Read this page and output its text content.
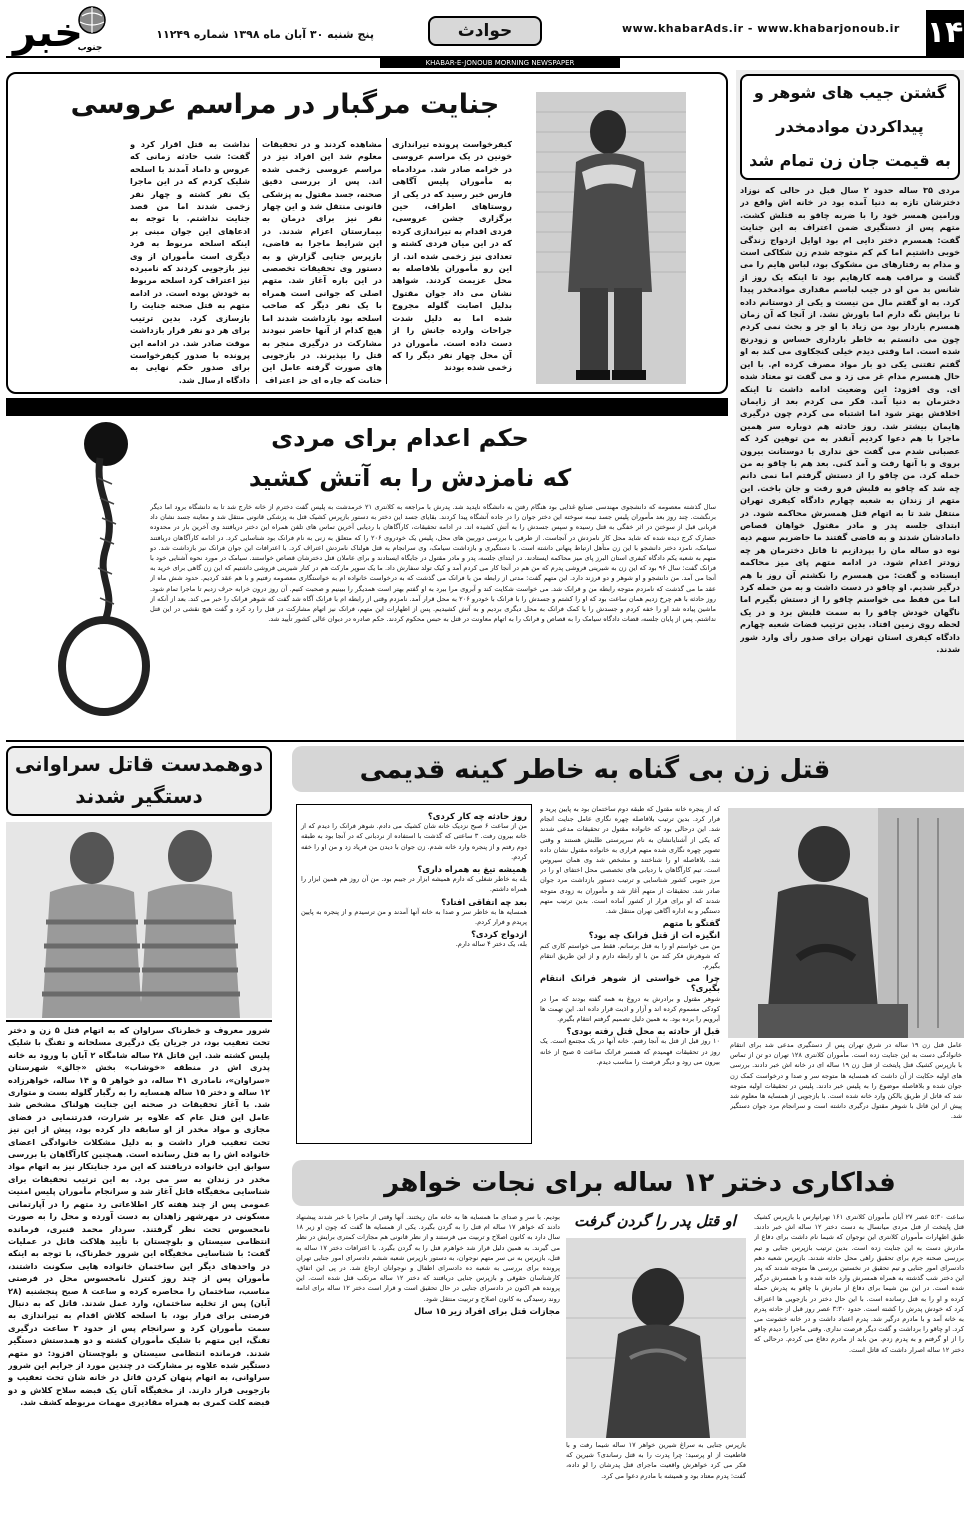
۱۴
www.khabarAds.ir - www.khabarjonoub.ir
حوادث
پنج شنبه ۳۰ آبان ماه ۱۳۹۸ شماره ۱۱۲۴۹
خبر
جنوب
KHABAR-E-JONOUB MORNING NEWSPAPER
گشتن جیب های شوهر و
پیداکردن موادمخدر
به قیمت جان زن تمام شد
مردی ۳۵ ساله حدود ۲ سال قبل در حالی که نوزاد دخترشان تازه به دنیا آمده بود در خانه اش واقع در ورامین همسر خود را با ضربه چاقو به قتلش کشت. متهم پس از دستگیری ضمن اعتراف به این جنایت گفت: همسرم دختر دایی ام بود اوایل ازدواج زندگی خوبی داشتیم اما کم کم متوجه شدم زن شکاکی است و مدام به رفتارهای من مشکوک بود، لباس هایم را می گشت و مراقب همه کارهایم بود تا اینکه یک روز از شانس بد من او در جیب لباسم مقداری موادمخدر پیدا کرد. به او گفتم مال من نیست و یکی از دوستانم داده تا برایش نگه دارم اما باورش نشد. از آنجا که آن زمان همسرم باردار بود من زیاد با او جر و بحث نمی کردم چون می دانستم به خاطر بارداری حساس و زودرنج شده است. اما وقتی دیدم خیلی کنجکاوی می کند به او گفتم تفتنی یکی دو بار مواد مصرف کرده ام. با این حال همسرم مدام غر می زد و می گفت تو معتاد شده ای. وی افزود: این وضعیت ادامه داشت تا اینکه دخترمان به دنیا آمد. فکر می کردم بعد از زایمان اخلاقش بهتر شود اما اشتباه می کردم چون درگیری هایمان بیشتر شد. روز حادثه هم دوباره سر همین ماجرا با هم دعوا کردیم آنقدر به من توهین کرد که عصبانی شدم می گفت حق نداری با دوستانت بیرون بروی و با آنها رفت و آمد کنی. بعد هم با چاقو به من حمله کرد. من چاقو را از دستش گرفتم اما نمی دانم چه شد که چاقو به قلبش فرو رفت و جان باخت. این متهم از زندان به شعبه چهارم دادگاه کیفری تهران منتقل شد تا به اتهام قتل همسرش محاکمه شود. در ابتدای جلسه پدر و مادر مقتول خواهان قصاص دامادشان شدند و به قاضی گفتند ما حاضریم سهم دیه نوه دو ساله مان را بپردازیم تا قاتل دخترمان هر چه زودتر اعدام شود. در ادامه متهم پای میز محاکمه ایستاده و گفت: من همسرم را نکشتم آن روز با هم درگیر شدیم. او چاقو در دست داشت و به من حمله کرد اما من فقط می خواستم چاقو را از دستش بگیرم اما ناگهان خودش چاقو را به سمت قلبش برد و در یک لحظه روی زمین افتاد. بدین ترتیب قضات شعبه چهارم دادگاه کیفری استان تهران برای صدور رأی وارد شور شدند.
جنایت مرگبار در مراسم عروسی
کیفرخواست پرونده تیراندازی خونین در یک مراسم عروسی در خرامه صادر شد. مردادماه به مأموران پلیس آگاهی فارس خبر رسید که در یکی از روستاهای اطراف، حین برگزاری جشن عروسی، فردی اقدام به تیراندازی کرده که در این میان فردی کشته و تعدادی نیز زخمی شده اند. از این رو مأموران بلافاصله به محل عزیمت کردند. شواهد نشان می داد جوان مقتول بدلیل اصابت گلوله مجروح شده اما به دلیل شدت جراحات وارده جانش را از دست داده است. مأموران در آن محل چهار نفر دیگر را که زخمی شده بودند
مشاهده کردند و در تحقیقات معلوم شد این افراد نیز در مراسم عروسی زخمی شده اند. پس از بررسی دقیق صحنه، جسد مقتول به پزشکی قانونی منتقل شد و این چهار نفر نیز برای درمان به بیمارستان اعزام شدند. در این شرایط ماجرا به قاضی، بازپرس جنایی گزارش و به دستور وی تحقیقات تخصصی در این باره آغاز شد. متهم اصلی که جوانی است همراه با یک نفر دیگر که صاحب اسلحه بود بازداشت شدند اما هیچ کدام از آنها حاضر نبودند مشارکت در درگیری منجر به قتل را بپذیرند. در بازجویی های صورت گرفته عامل این جنایت که چاره ای جز اعتراف
نداشت به قتل اقرار کرد و گفت: شب حادثه زمانی که عروس و داماد آمدند با اسلحه شلیک کردم که در این ماجرا یک نفر کشته و چهار نفر زخمی شدند اما من قصد جنایت نداشتم. با توجه به ادعاهای این جوان مبنی بر اینکه اسلحه مربوط به فرد دیگری است مأموران از وی نیز بازجویی کردند که نامبرده نیز اعتراف کرد اسلحه مربوط به خودش بوده است. در ادامه متهم به قتل صحنه جنایت را بازسازی کرد. بدین ترتیب برای هر دو نفر قرار بازداشت موقت صادر شد. در ادامه این پرونده با صدور کیفرخواست برای صدور حکم نهایی به دادگاه ارسال شد.
حکم اعدام برای مردی
که نامزدش را به آتش کشید
سال گذشته معصومه که دانشجوی مهندسی صنایع غذایی بود هنگام رفتن به دانشگاه ناپدید شد. پدرش با مراجعه به کلانتری ۲۱ خرمدشت به پلیس گفت دخترم از خانه خارج شد تا به دانشگاه برود اما دیگر برنگشت. چند روز بعد مأموران پلیس جسد نیمه سوخته این دختر جوان را در جاده آتشگاه پیدا کردند. بقایای جسد این دختر به دستور بازپرس کشیک قتل به پزشکی قانونی منتقل شد و معاینه جسد نشان داد قربانی قبل از سوختن در اثر خفگی به قتل رسیده و سپس جسدش را به آتش کشیده اند. در ادامه تحقیقات، کارآگاهان با ردیابی آخرین تماس های تلفن همراه این دختر دریافتند وی آخرین بار در محدوده حصارک کرج دیده شده که شاید محل کار نامزدش در آنجاست. از طرفی با بررسی دوربین های محل، پلیس یک خودروی ۲۰۶ را که متعلق به زنی به نام فرانک بود شناسایی کرد. در ادامه کارآگاهان دریافتند سیامک، نامزد دختر دانشجو با این زن متأهل ارتباط پنهانی داشته است. با دستگیری و بازداشت سیامک، وی سرانجام به قتل هولناک نامزدش اعتراف کرد. با اعترافات این جوان فرانک نیز بازداشت شد. دو متهم به شعبه یکم دادگاه کیفری استان البرز پای میز محاکمه ایستادند. در ابتدای جلسه، پدر و مادر مقتول در جایگاه ایستادند و برای عاملان قتل دخترشان قصاص خواستند. سیامک در مورد نحوه آشنایی خود با فرانک گفت: سال ۹۶ بود که این زن به شیرینی فروشی پدرم که من هم در آنجا کار می کردم آمد و کیک تولد سفارش داد. ما یک سوپر مارکت هم در کنار شیرینی فروشی داشتیم که این زن گاهی برای خرید به آنجا می آمد. من دانشجو و او شوهر و دو فرزند دارد. این متهم گفت: مدتی از رابطه من با فرانک می گذشت که به درخواست خانواده ام به خواستگاری معصومه رفتیم و با هم عقد کردیم. حدود شش ماه از عقد ما می گذشت که نامزدم متوجه رابطه من و فرانک شد. می خواست شکایت کند و آبروی مرا ببرد به او گفتم بهتر است همدیگر را ببینیم و صحبت کنیم. آن روز درون خرابه حرف زدیم تا ماجرا تمام شود. روز حادثه با هم چرخ زدیم همان ساعت بود که او را کشتم و جسدش را با فرانک با خودرو ۲۰۶ به محل قرار آمد. نامزدم وقتی از رابطه ام با فرانک آگاه شد گفت که شوهر فرانک را خبر می کند. بعد از آنکه از ماشین پیاده شد او را خفه کردم و جسدش را با کمک فرانک به محل دیگری بردیم و به آتش کشیدیم. پس از اظهارات این متهم، فرانک نیز اتهام مشارکت در قتل را رد کرد و گفت هیچ نقشی در این قتل نداشتم. پس از پایان جلسه، قضات دادگاه سیامک را به قصاص و فرانک را به اتهام معاونت در قتل به حبس محکوم کردند. حکم صادره در دیوان عالی کشور تأیید شد.
دوهمدست قاتل سراوانی
دستگیر شدند
شرور معروف و خطرناک سراوان که به اتهام قتل ۵ زن و دختر تحت تعقیب بود، در جریان یک درگیری مسلحانه و تفنگ با شلیک پلیس کشته شد. این قاتل ۲۸ ساله شامگاه ۲ آبان با ورود به خانه پدری اش در منطقه «خوشاب» بخش «جالق» شهرستان «سراوان»، نامادری ۴۱ ساله، دو خواهر ۵ و ۱۴ ساله، خواهرزاده ۱۲ ساله و دختر ۱۵ ساله همسایه را به رگبار گلوله بست و متواری شد. با آغاز تحقیقات در صحنه این جنایت هولناک مشخص شد عامل این قتل عام که علاوه بر شرارت، قدرتنمایی در فضای مجازی و مواد مخدر از او سابقه دار کرده بود، پیش از این نیز تحت تعقیب قرار داشت و به دلیل مشکلات خانوادگی اعضای خانواده اش را به قتل رسانده است. همچنین کارآگاهان با بررسی سوابق این خانواده دریافتند که این مرد جنایتکار نیز به اتهام مواد مخدر در زندان به سر می برد. به این ترتیب تحقیقات برای شناسایی مخفیگاه قاتل آغاز شد و سرانجام مأموران پلیس امنیت عمومی پس از چند هفته کار اطلاعاتی رد متهم را در آپارتمانی مسکونی در مهرشهر زاهدان به دست آورده و محل را به صورت نامحسوس تحت نظر گرفتند. سردار محمد قنبری، فرمانده انتظامی سیستان و بلوچستان با تأیید هلاکت قاتل در عملیات گفت: با شناسایی مخفیگاه این شرور خطرناک، با توجه به اینکه در واحدهای دیگر این ساختمان خانواده هایی سکونت داشتند، مأموران پس از چند روز کنترل نامحسوس محل در فرصتی مناسب، ساختمان را محاصره کرده و ساعت ۸ صبح پنجشنبه (۲۸ آبان) پس از تخلیه ساختمان، وارد عمل شدند. قاتل که به دنبال فرصتی برای فرار بود، با اسلحه کلاش اقدام به تیراندازی به سمت مأموران کرد و سرانجام پس از حدود ۳ ساعت درگیری تفنگ، این متهم با شلیک مأموران کشته و دو همدستش دستگیر شدند. فرمانده انتظامی سیستان و بلوچستان افزود: دو متهم دستگیر شده علاوه بر مشارکت در چندین مورد از جرایم این شرور سراوانی، به اتهام پنهان کردن قاتل در خانه شان تحت تعقیب و بازجویی قرار دارند. از مخفیگاه آنان یک قبضه سلاح کلاش و دو قبضه کلت کمری به همراه مقادیری مهمات مربوطه کشف شد.
قتل زن بی گناه به خاطر کینه قدیمی
عامل قتل زن ۱۹ ساله در شرق تهران پس از دستگیری مدعی شد برای انتقام خانوادگی دست به این جنایت زده است. مأموران کلانتری ۱۲۸ تهران دو تن از تماس با بازپرس کشیک قتل پایتخت از قتل زن ۱۹ ساله ای در خانه اش خبر دادند. بررسی های اولیه حکایت از آن داشت که همسایه ها متوجه سر و صدا و درخواست کمک زن جوان شده و بلافاصله موضوع را به پلیس خبر دادند. پلیس در تحقیقات اولیه متوجه شد که قاتل از طریق بالکن وارد خانه شده است. با بازجویی از همسایه ها معلوم شد پیش از این قاتل با شوهر مقتول درگیری داشته است و سرانجام مرد جوان دستگیر شد.
که از پنجره خانه مقتول که طبقه دوم ساختمان بود به پایین پرید و فرار کرد. بدین ترتیب بلافاصله چهره نگاری عامل جنایت انجام شد. این درحالی بود که خانواده مقتول در تحقیقات مدعی شدند که یکی از آشنایانشان به نام سرپرستی طلبش هستند و وقتی تصویر چهره نگاری شده متهم فراری به خانواده مقتول نشان داده شد. بلافاصله او را شناختند و مشخص شد وی همان سیروس است. تیم کارآگاهان با ردیابی های تخصصی محل اختفای او را در مرز جنوبی کشور شناسایی و ترتیب دستور بازداشت مرد جوان صادر شد. تحقیقات از متهم آغاز شد و مأموران به زودی متوجه شدند که او برای فرار از کشور آماده است. بدین ترتیب متهم دستگیر و به اداره آگاهی تهران منتقل شد.
گفتگو با متهم
انگیزه ات از قتل فرانک چه بود؟
من می خواستم او را به قتل برسانم. فقط می خواستم کاری کنم که شوهرش فکر کند من با او رابطه دارم و از این طریق انتقام بگیرم.
چرا می خواستی از شوهر فرانک انتقام بگیری؟
شوهر مقتول و برادرش به دروغ به همه گفته بودند که مرا در کودکی مسموم کرده اند و آزار و اذیت قرار داده اند. این تهمت ها آبرویم را برده بود. به همین دلیل تصمیم گرفتم انتقام بگیرم.
قبل از حادثه به محل قتل رفته بودی؟
۱۰ روز قبل از قتل به آنجا رفتم. خانه آنها در یک مجتمع است. یک روز در تحقیقات فهمیدم که همسر فرانک ساعت ۵ صبح از خانه بیرون می رود و دیگر فرصت را مناسب دیدم.
روز حادثه چه کار کردی؟
من از ساعت ۶ صبح نزدیک خانه شان کشیک می دادم. شوهر فرانک را دیدم که از خانه بیرون رفت. ۳ ساعتی که گذشت با استفاده از نردبانی که در آنجا بود به طبقه دوم رفتم و از پنجره وارد خانه شدم. زن جوان با دیدن من فریاد زد و من او را خفه کردم.
همیشه تیغ به همراه داری؟
بله به خاطر شغلی که دارم همیشه ابزار در جیبم بود. من آن روز هم همین ابزار را همراه داشتم.
بعد چه اتفاقی افتاد؟
همسایه ها به خاطر سر و صدا به خانه آنها آمدند و من ترسیدم و از پنجره به پایین پریدم و فرار کردم.
ازدواج کردی؟
بله، یک دختر ۴ ساله دارم.
فداکاری دختر ۱۲ ساله برای نجات خواهر
او قتل پدر را گردن گرفت
بازپرس جنایی به سراغ شیرین خواهر ۱۷ ساله شیما رفت و با قاطعیت از او پرسید: چرا پدرت را به قتل رساندی؟ شیرین که فکر می کرد خواهرش واقعیت ماجرای قتل پدرشان را لو داده، گفت: پدرم معتاد بود و همیشه با مادرم دعوا می کرد.
ساعت ۵:۳۰ عصر ۲۷ آبان مأموران کلانتری ۱۶۱ تهرانپارس با بازپرس کشیک قتل پایتخت از قتل مردی میانسال به دست دختر ۱۲ ساله اش خبر دادند. طبق اظهارات مأموران کلانتری این نوجوان که شیما نام داشت برای دفاع از مادرش دست به این جنایت زده است. بدین ترتیب بازپرس جنایی و تیم بررسی صحنه جرم برای تحقیق راهی محل حادثه شدند. بازپرس شعبه دهم دادسرای امور جنایی و تیم تحقیق در نخستین بررسی ها متوجه شدند که پدر این دختر شب گذشته به همراه همسرش وارد خانه شده و با همسرش درگیر شده است. در این بین شیما برای دفاع از مادرش با چاقو به پدرش حمله کرده و او را به قتل رسانده است. با این حال دختر در بازجویی ها اعتراف کرد که خودش پدرش را کشته است. حدود ۳:۳۰ عصر روز قبل از حادثه پدرم به خانه آمد و با مادرم درگیر شد. پدرم اعتیاد داشت و در خانه خشونت می کرد. او چاقو را برداشت و گفت دیگر فرصت نداری. وقتی ماجرا را دیدم چاقو را از او گرفتم و به پدرم زدم. من باید از مادرم دفاع می کردم. درحالی که دختر ۱۲ ساله اصرار داشت که قاتل است.
بودیم. با سر و صدای ما همسایه ها به خانه مان ریختند. آنها وقتی از ماجرا با خبر شدند پیشنهاد دادند که خواهر ۱۷ ساله ام قتل را به گردن بگیرد. یکی از همسایه ها گفت که چون او زیر ۱۸ سال دارد به کانون اصلاح و تربیت می فرستند و از نظر قانونی هم مجازات کمتری برایش در نظر می گیرند. به همین دلیل قرار شد خواهرم قتل را به گردن بگیرد. با اعترافات دختر ۱۷ ساله به قتل، بازپرس به نی سر متهم نوجوان، به دستور بازپرس شعبه ششم دادسرای امور جنایی تهران پرونده برای بررسی به شعبه ده دادسرای اطفال و نوجوانان ارجاع شد. در پی این اتفاق، کارشناسان حقوقی و بازپرس جنایی دریافتند که دختر ۱۲ ساله مرتکب قتل شده است. این پرونده هم اکنون در دادسرای جنایی در حال تحقیق است و قرار است دختر ۱۲ ساله برای ادامه روند رسیدگی به کانون اصلاح و تربیت منتقل شود.
مجازات قتل برای افراد زیر ۱۵ سال
